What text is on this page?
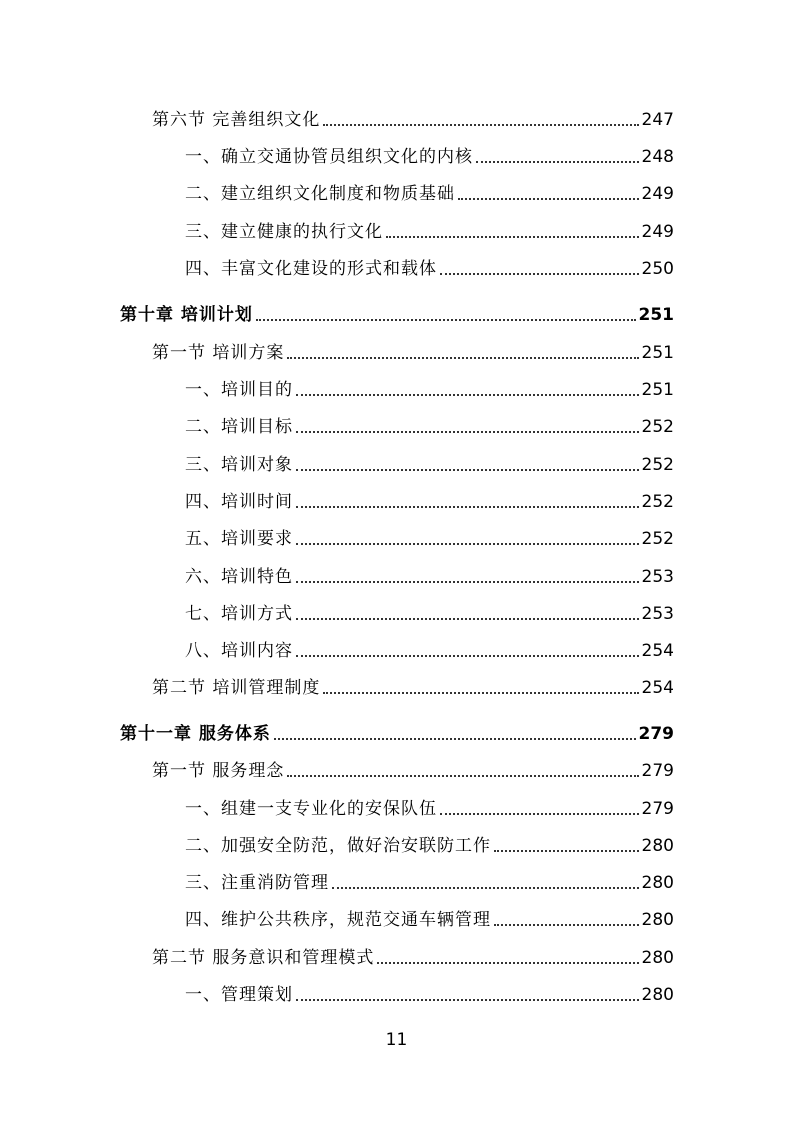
第六节 完善组织文化	247
一、确立交通协管员组织文化的内核	248
二、建立组织文化制度和物质基础	249
三、建立健康的执行文化	249
四、丰富文化建设的形式和载体	250
第十章 培训计划	251
第一节 培训方案	251
一、培训目的	251
二、培训目标	252
三、培训对象	252
四、培训时间	252
五、培训要求	252
六、培训特色	253
七、培训方式	253
八、培训内容	254
第二节 培训管理制度	254
第十一章 服务体系	279
第一节 服务理念	279
一、组建一支专业化的安保队伍	279
二、加强安全防范，做好治安联防工作	280
三、注重消防管理	280
四、维护公共秩序，规范交通车辆管理	280
第二节 服务意识和管理模式	280
一、管理策划	280
11
